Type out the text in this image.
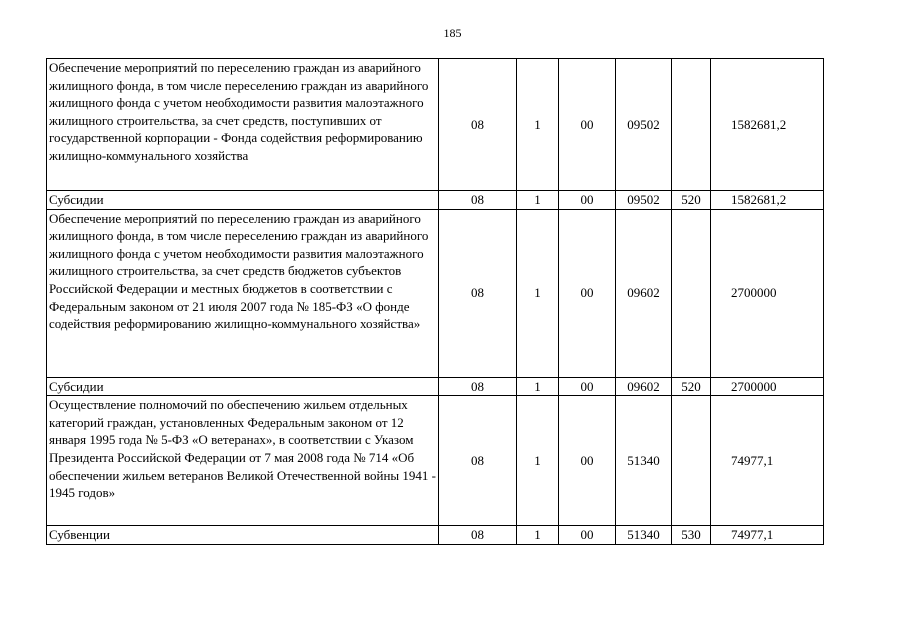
185
Обеспечение мероприятий по переселению граждан из аварийного жилищного фонда, в том числе переселению граждан из аварийного жилищного фонда с учетом необходимости развития малоэтажного жилищного строительства, за счет средств, поступивших от государственной корпорации - Фонда содействия реформированию жилищно-коммунального хозяйства	08	1	00	09502		1582681,2
Субсидии	08	1	00	09502	520	1582681,2
Обеспечение мероприятий по переселению граждан из аварийного жилищного фонда, в том числе переселению граждан из аварийного жилищного фонда с учетом необходимости развития малоэтажного жилищного строительства, за счет средств бюджетов субъектов Российской Федерации и местных бюджетов в соответствии с Федеральным законом от 21 июля 2007 года № 185-ФЗ «О фонде содействия реформированию жилищно-коммунального хозяйства»	08	1	00	09602		2700000
Субсидии	08	1	00	09602	520	2700000
Осуществление полномочий по обеспечению жильем отдельных категорий граждан, установленных Федеральным законом от 12 января 1995 года № 5-ФЗ «О ветеранах», в соответствии с Указом Президента Российской Федерации от 7 мая 2008 года № 714 «Об обеспечении жильем ветеранов Великой Отечественной войны 1941 - 1945 годов»	08	1	00	51340		74977,1
Субвенции	08	1	00	51340	530	74977,1
